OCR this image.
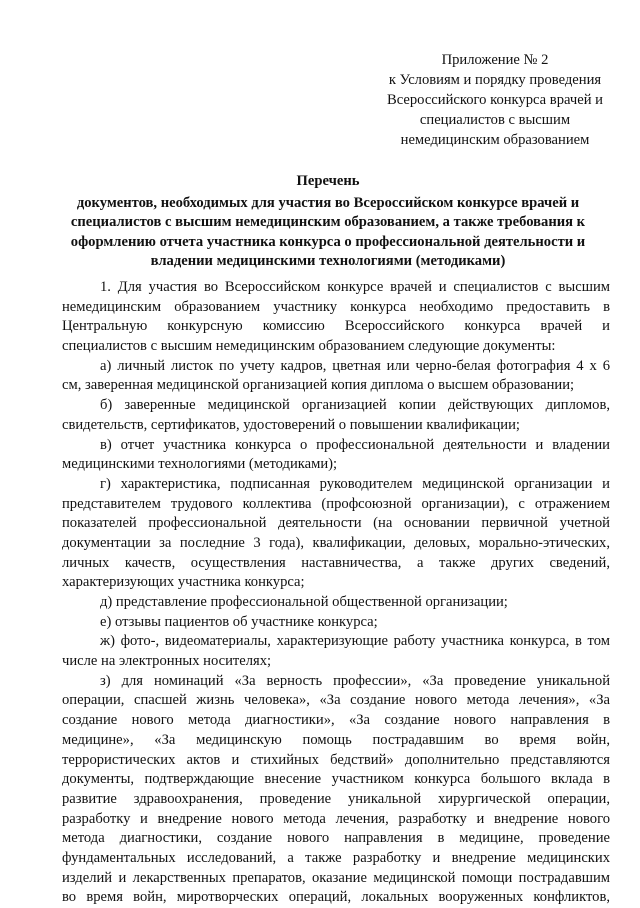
Приложение № 2
к Условиям и порядку проведения
Всероссийского конкурса врачей и
специалистов с высшим
немедицинским образованием
Перечень
документов, необходимых для участия во Всероссийском конкурсе врачей и
специалистов с высшим немедицинским образованием, а также требования к
оформлению отчета участника конкурса о профессиональной деятельности и
владении медицинскими технологиями (методиками)
1. Для участия во Всероссийском конкурсе врачей и специалистов с высшим
немедицинским образованием участнику конкурса необходимо предоставить в
Центральную конкурсную комиссию Всероссийского конкурса врачей и
специалистов с высшим немедицинским образованием следующие документы:
а) личный листок по учету кадров, цветная или черно-белая фотография 4 х 6
см, заверенная медицинской организацией копия диплома о высшем образовании;
б) заверенные медицинской организацией копии действующих дипломов,
свидетельств, сертификатов, удостоверений о повышении квалификации;
в) отчет участника конкурса о профессиональной деятельности и владении
медицинскими технологиями (методиками);
г) характеристика, подписанная руководителем медицинской организации и
представителем трудового коллектива (профсоюзной организации), с отражением
показателей профессиональной деятельности (на основании первичной учетной
документации за последние 3 года), квалификации, деловых, морально-этических,
личных качеств, осуществления наставничества, а также других сведений,
характеризующих участника конкурса;
д) представление профессиональной общественной организации;
е) отзывы пациентов об участнике конкурса;
ж) фото-, видеоматериалы, характеризующие работу участника конкурса, в том
числе на электронных носителях;
з) для номинаций «За верность профессии», «За проведение уникальной
операции, спасшей жизнь человека», «За создание нового метода лечения», «За
создание нового метода диагностики», «За создание нового направления в
медицине», «За медицинскую помощь пострадавшим во время войн,
террористических актов и стихийных бедствий» дополнительно представляются
документы, подтверждающие внесение участником конкурса большого вклада в
развитие здравоохранения, проведение уникальной хирургической операции,
разработку и внедрение нового метода лечения, разработку и внедрение нового
метода диагностики, создание нового направления в медицине, проведение
фундаментальных исследований, а также разработку и внедрение медицинских
изделий и лекарственных препаратов, оказание медицинской помощи пострадавшим
во время войн, миротворческих операций, локальных вооруженных конфликтов,
